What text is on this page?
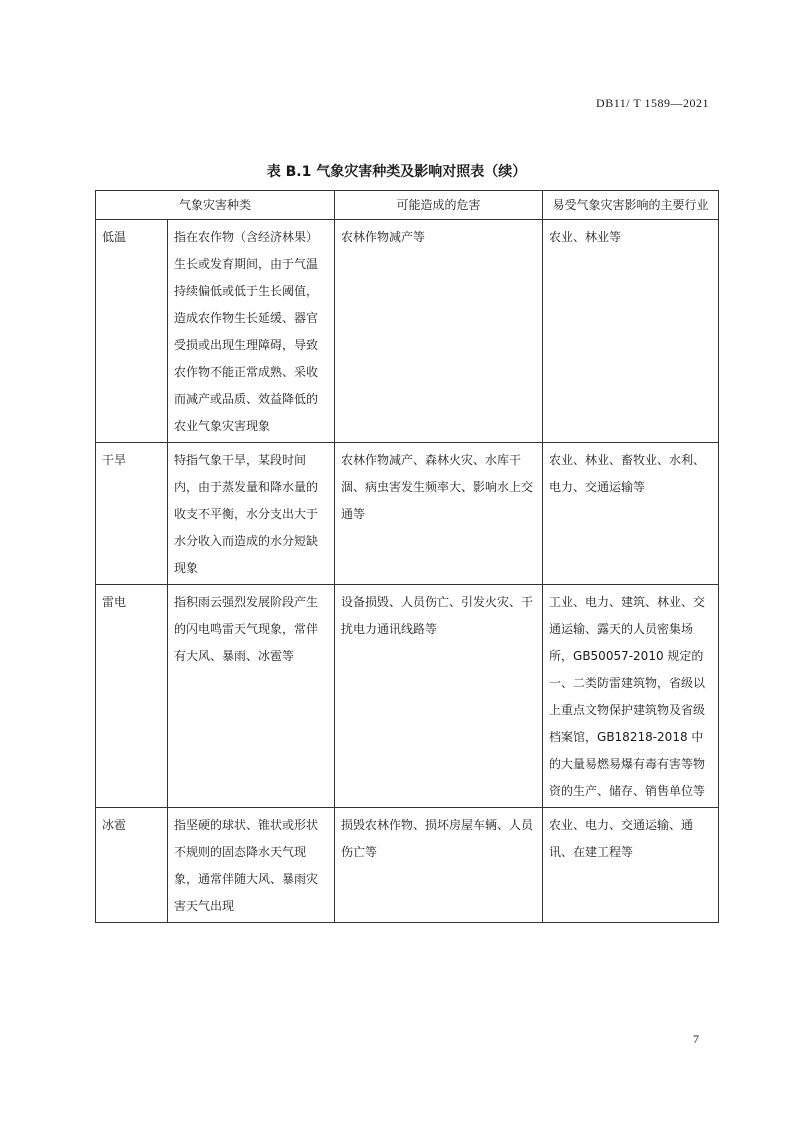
DB11/ T 1589—2021
表 B.1 气象灾害种类及影响对照表（续）
气象灾害种类		可能造成的危害	易受气象灾害影响的主要行业
低温	指在农作物（含经济林果）生长或发育期间，由于气温持续偏低或低于生长阈值，造成农作物生长延缓、器官受损或出现生理障碍，导致农作物不能正常成熟、采收而减产或品质、效益降低的农业气象灾害现象	农林作物减产等	农业、林业等
干旱	特指气象干旱，某段时间内，由于蒸发量和降水量的收支不平衡，水分支出大于水分收入而造成的水分短缺现象	农林作物减产、森林火灾、水库干涸、病虫害发生频率大、影响水上交通等	农业、林业、畜牧业、水利、电力、交通运输等
雷电	指积雨云强烈发展阶段产生的闪电鸣雷天气现象，常伴有大风、暴雨、冰雹等	设备损毁、人员伤亡、引发火灾、干扰电力通讯线路等	工业、电力、建筑、林业、交通运输、露天的人员密集场所，GB50057-2010 规定的一、二类防雷建筑物，省级以上重点文物保护建筑物及省级档案馆，GB18218-2018 中的大量易燃易爆有毒有害等物资的生产、储存、销售单位等
冰雹	指坚硬的球状、锥状或形状不规则的固态降水天气现象，通常伴随大风、暴雨灾害天气出现	损毁农林作物、损坏房屋车辆、人员伤亡等	农业、电力、交通运输、通讯、在建工程等
7
